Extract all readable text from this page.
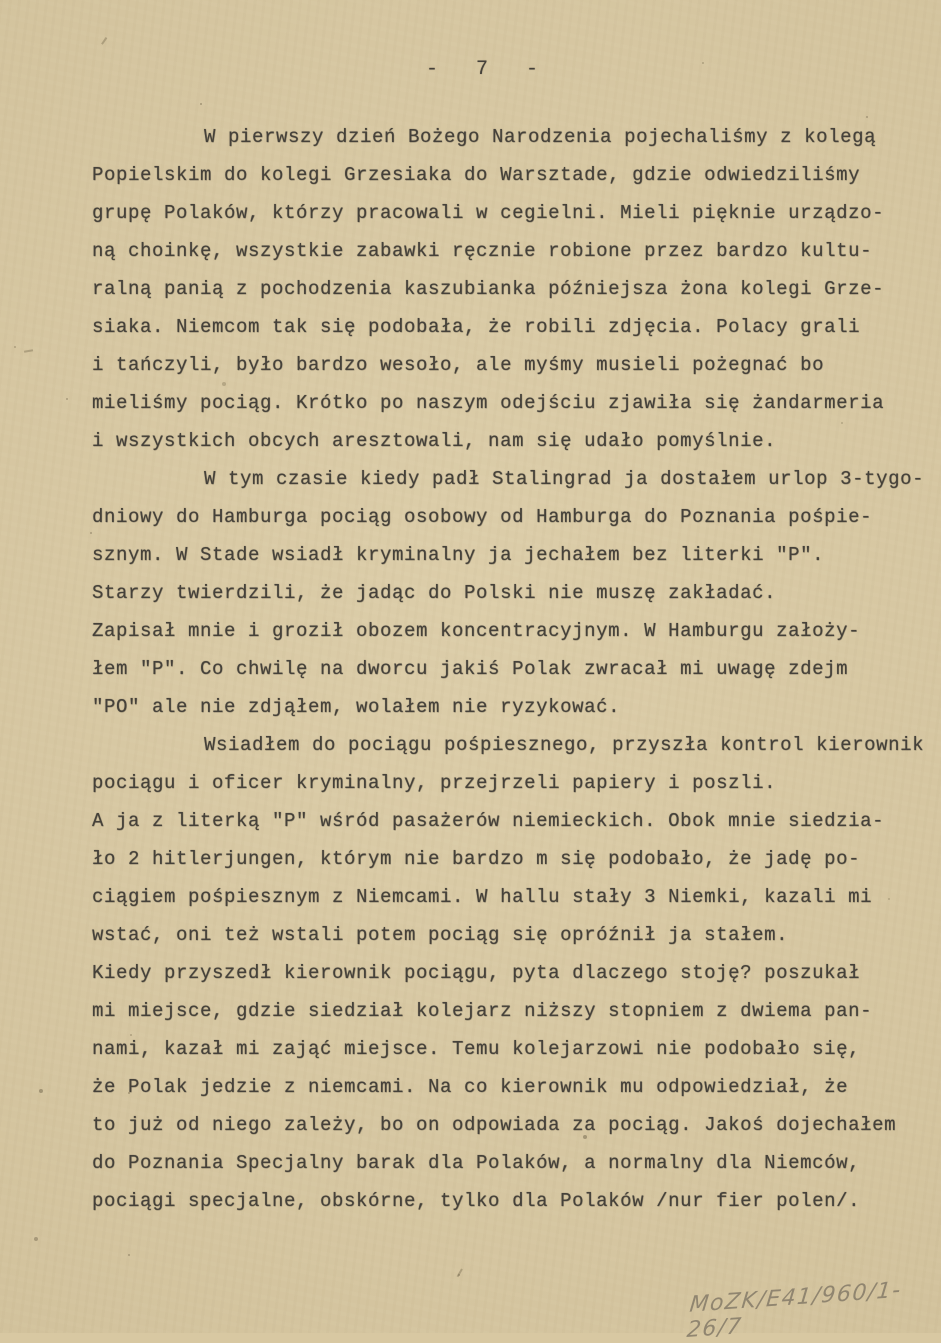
- 7 -
W pierwszy dzień Bożego Narodzenia pojechaliśmy z kolegą
Popielskim do kolegi Grzesiaka do Warsztade, gdzie odwiedziliśmy
grupę Polaków, którzy pracowali w cegielni. Mieli pięknie urządzo-
ną choinkę, wszystkie zabawki ręcznie robione przez bardzo kultu-
ralną panią z pochodzenia kaszubianka późniejsza żona kolegi Grze-
siaka. Niemcom tak się podobała, że robili zdjęcia. Polacy grali
i tańczyli, było bardzo wesoło, ale myśmy musieli pożegnać bo
mieliśmy pociąg. Krótko po naszym odejściu zjawiła się żandarmeria
i wszystkich obcych aresztowali, nam się udało pomyślnie.
W tym czasie kiedy padł Stalingrad ja dostałem urlop 3-tygo-
dniowy do Hamburga pociąg osobowy od Hamburga do Poznania pośpie-
sznym. W Stade wsiadł kryminalny ja jechałem bez literki "P".
Starzy twierdzili, że jadąc do Polski nie muszę zakładać.
Zapisał mnie i groził obozem koncentracyjnym. W Hamburgu założy-
łem "P". Co chwilę na dworcu jakiś Polak zwracał mi uwagę zdejm
"PO" ale nie zdjąłem, wolałem nie ryzykować.
Wsiadłem do pociągu pośpiesznego, przyszła kontrol kierownik
pociągu i oficer kryminalny, przejrzeli papiery i poszli.
A ja z literką "P" wśród pasażerów niemieckich. Obok mnie siedzia-
ło 2 hitlerjungen, którym nie bardzo m się podobało, że jadę po-
ciągiem pośpiesznym z Niemcami. W hallu stały 3 Niemki, kazali mi
wstać, oni też wstali potem pociąg się opróźnił ja stałem.
Kiedy przyszedł kierownik pociągu, pyta dlaczego stoję? poszukał
mi miejsce, gdzie siedział kolejarz niższy stopniem z dwiema pan-
nami, kazał mi zająć miejsce. Temu kolejarzowi nie podobało się,
że Polak jedzie z niemcami. Na co kierownik mu odpowiedział, że
to już od niego zależy, bo on odpowiada za pociąg. Jakoś dojechałem
do Poznania Specjalny barak dla Polaków, a normalny dla Niemców,
pociągi specjalne, obskórne, tylko dla Polaków /nur fier polen/.
MoZK/E41/960/1-26/7
